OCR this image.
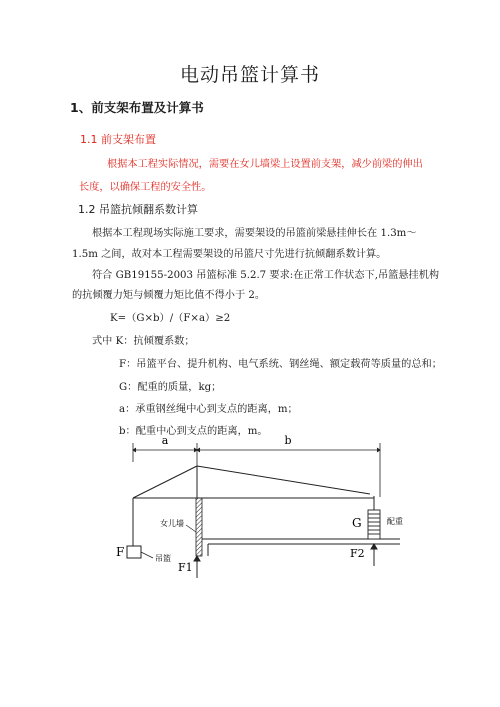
电动吊篮计算书
1、前支架布置及计算书
1.1 前支架布置
根据本工程实际情况，需要在女儿墙梁上设置前支架，减少前梁的伸出
长度，以确保工程的安全性。
1.2 吊篮抗倾翻系数计算
根据本工程现场实际施工要求，需要架设的吊篮前梁悬挂伸长在 1.3m～
1.5m 之间，故对本工程需要架设的吊篮尺寸先进行抗倾翻系数计算。
符合 GB19155-2003 吊篮标准 5.2.7 要求:在正常工作状态下,吊篮悬挂机构
的抗倾覆力矩与倾覆力矩比值不得小于 2。
K=（G×b）/（F×a）≥2
式中 K：抗倾覆系数；
F：吊篮平台、提升机构、电气系统、钢丝绳、额定载荷等质量的总和；
G：配重的质量，kg；
a：承重钢丝绳中心到支点的距离，m；
b：配重中心到支点的距离，m。
a	b
女儿墙	G	配重
吊篮
F
F1
F2
